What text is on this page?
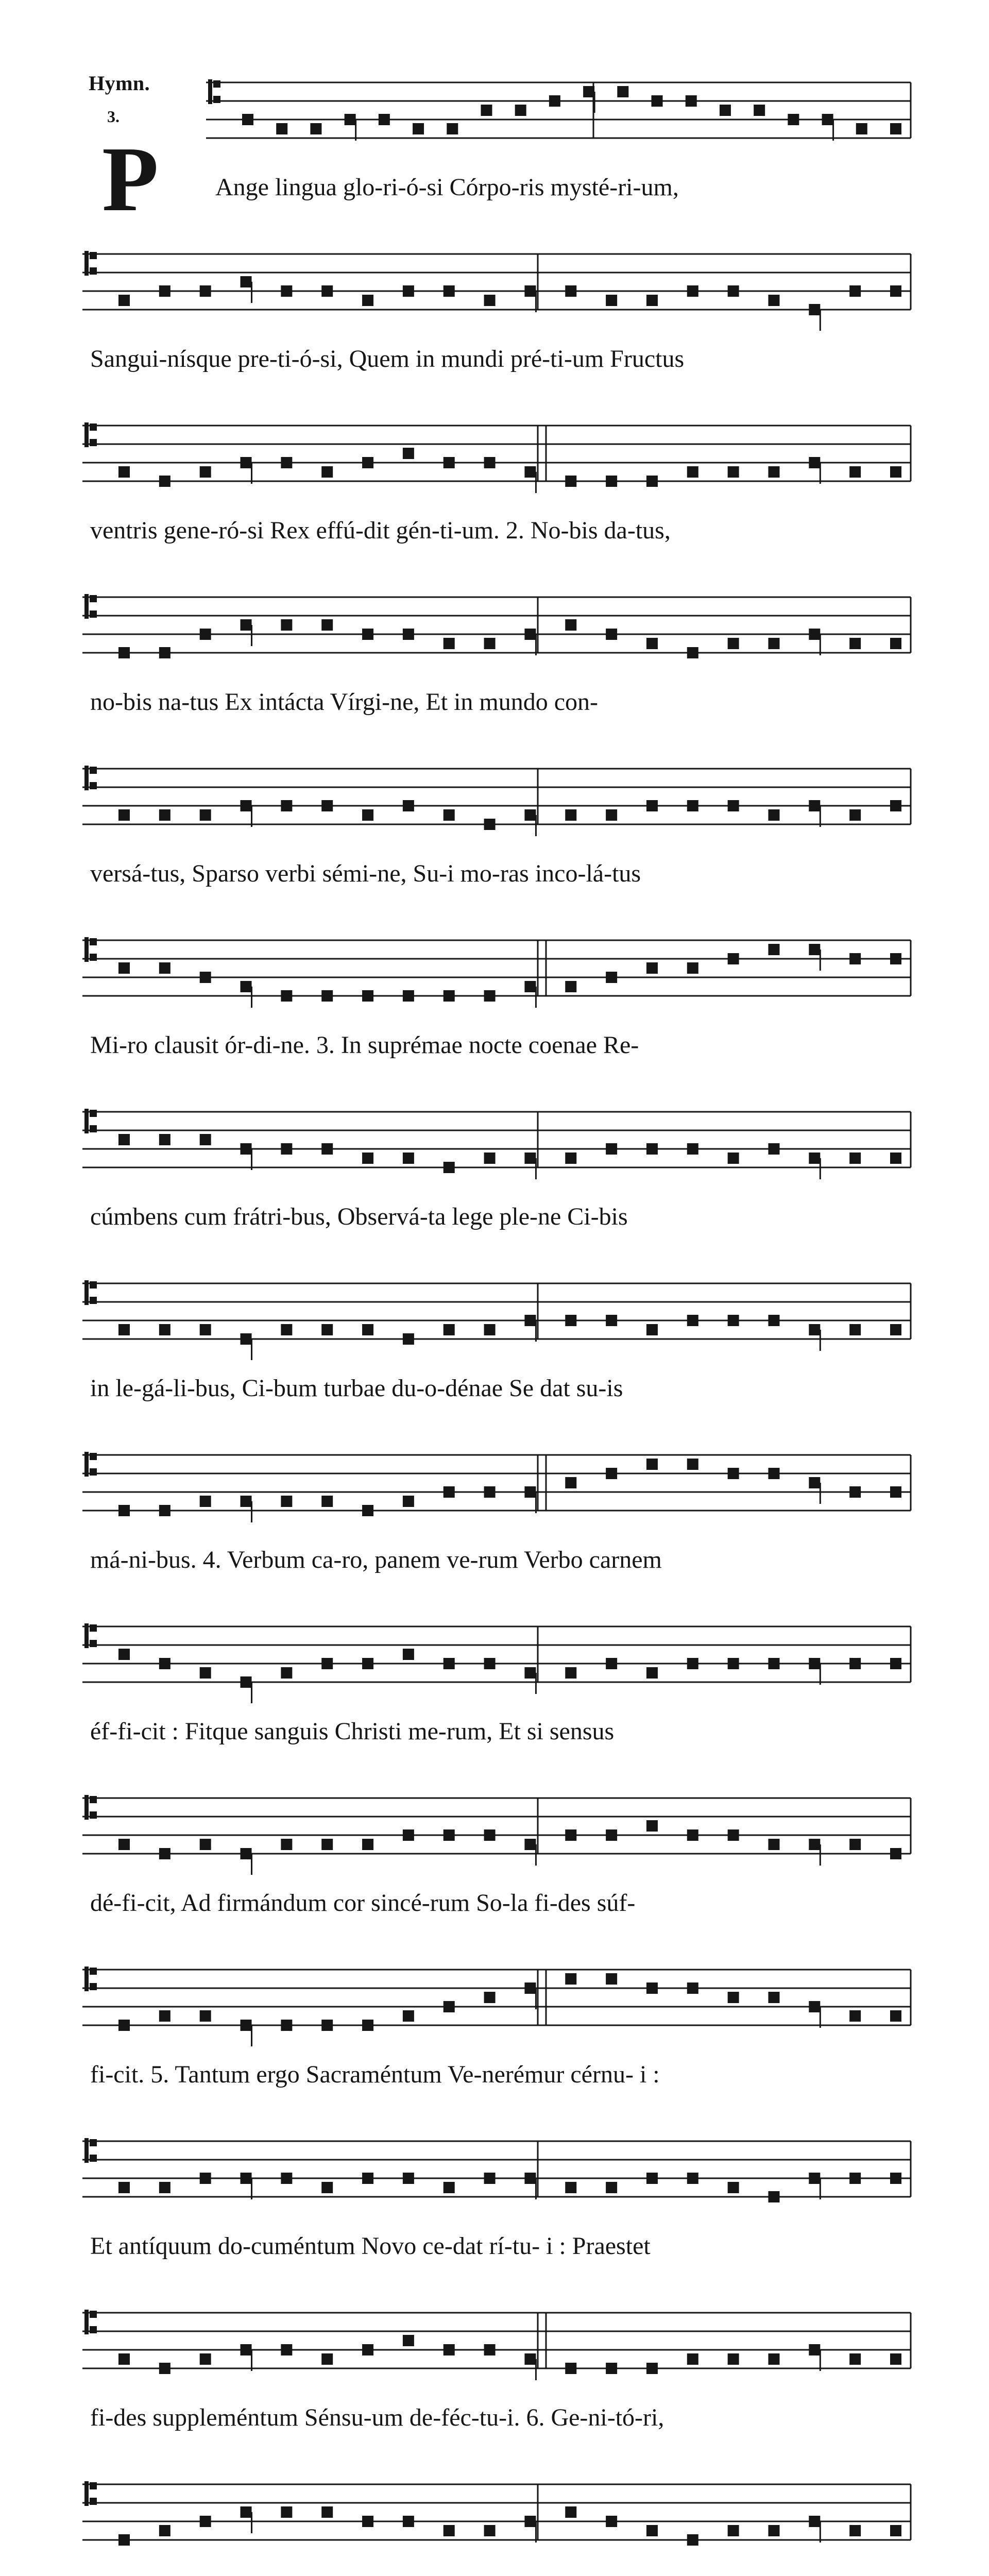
Hymn.
3.
P Ange lingua glo-ri-ó-si Córpo-ris mysté-ri-um,
Sangui-nísque pre-ti-ó-si, Quem in mundi pré-ti-um Fructus
ventris gene-ró-si Rex effú-dit gén-ti-um. 2. No-bis da-tus,
no-bis na-tus Ex intácta Vírgi-ne, Et in mundo con-
versá-tus, Sparso verbi sémi-ne, Su-i mo-ras inco-lá-tus
Mi-ro clausit ór-di-ne. 3. In suprémae nocte coenae Re-
cúmbens cum frátri-bus, Observá-ta lege ple-ne Ci-bis
in le-gá-li-bus, Ci-bum turbae du-o-dénae Se dat su-is
má-ni-bus. 4. Verbum ca-ro, panem ve-rum Verbo carnem
éf-fi-cit : Fitque sanguis Christi me-rum, Et si sensus
dé-fi-cit, Ad firmándum cor sincé-rum So-la fi-des súf-
fi-cit. 5. Tantum ergo Sacraméntum Ve-nerémur cérnu- i :
Et antíquum do-cuméntum Novo ce-dat rí-tu- i : Praestet
fi-des suppleméntum Sénsu-um de-féc-tu-i. 6. Ge-ni-tó-ri,
